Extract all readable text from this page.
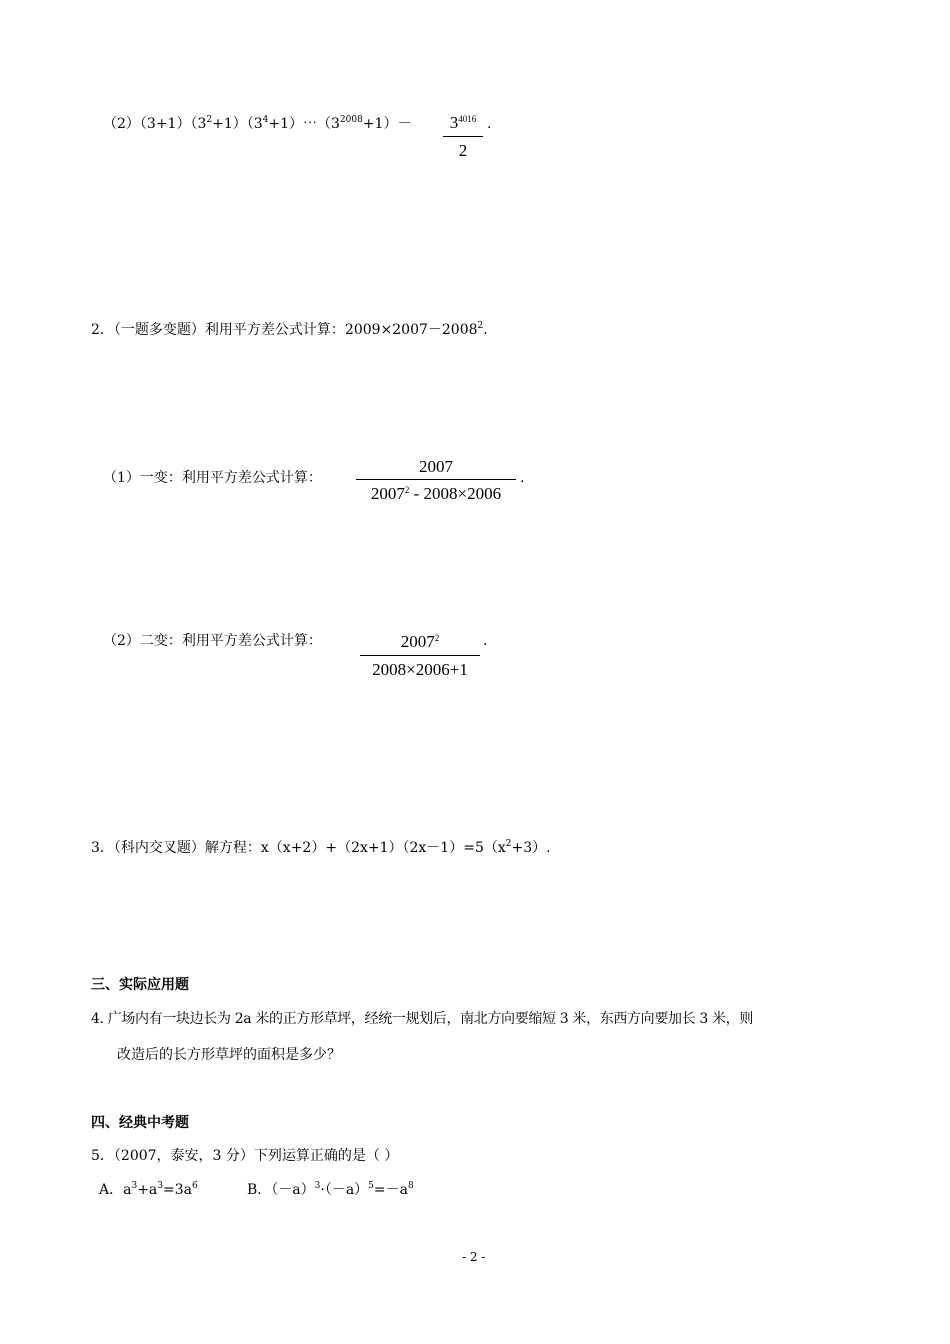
$(2)(3+1)(3^2+1)(3^4+1)\cdots(3^{2008}+1)-$	$3^{4016}$
2
.
2．（一题多变题）利用平方差公式计算：$2009\times 2007-2008^2$.
（1）一变：利用平方差公式计算：
2007
2007$^2$ - 2008×2006
.
（2）二变：利用平方差公式计算：	2007$^2$
2008×2006+1
.
3．（科内交叉题）解方程：$x(x+2)+(2x+1)(2x-1)=5(x^2+3)$.
三、实际应用题
4. 广场内有一块边长为 2a 米的正方形草坪，经统一规划后，南北方向要缩短 3 米，东西方向要加长 3 米，则
改造后的长方形草坪的面积是多少？
四、经典中考题
5．（2007，泰安，3 分）下列运算正确的是（ ）
A．$a^3+a^3=3a^6$	B．$(-a)^3\cdot(-a)^5=-a^8$
- 2 -
